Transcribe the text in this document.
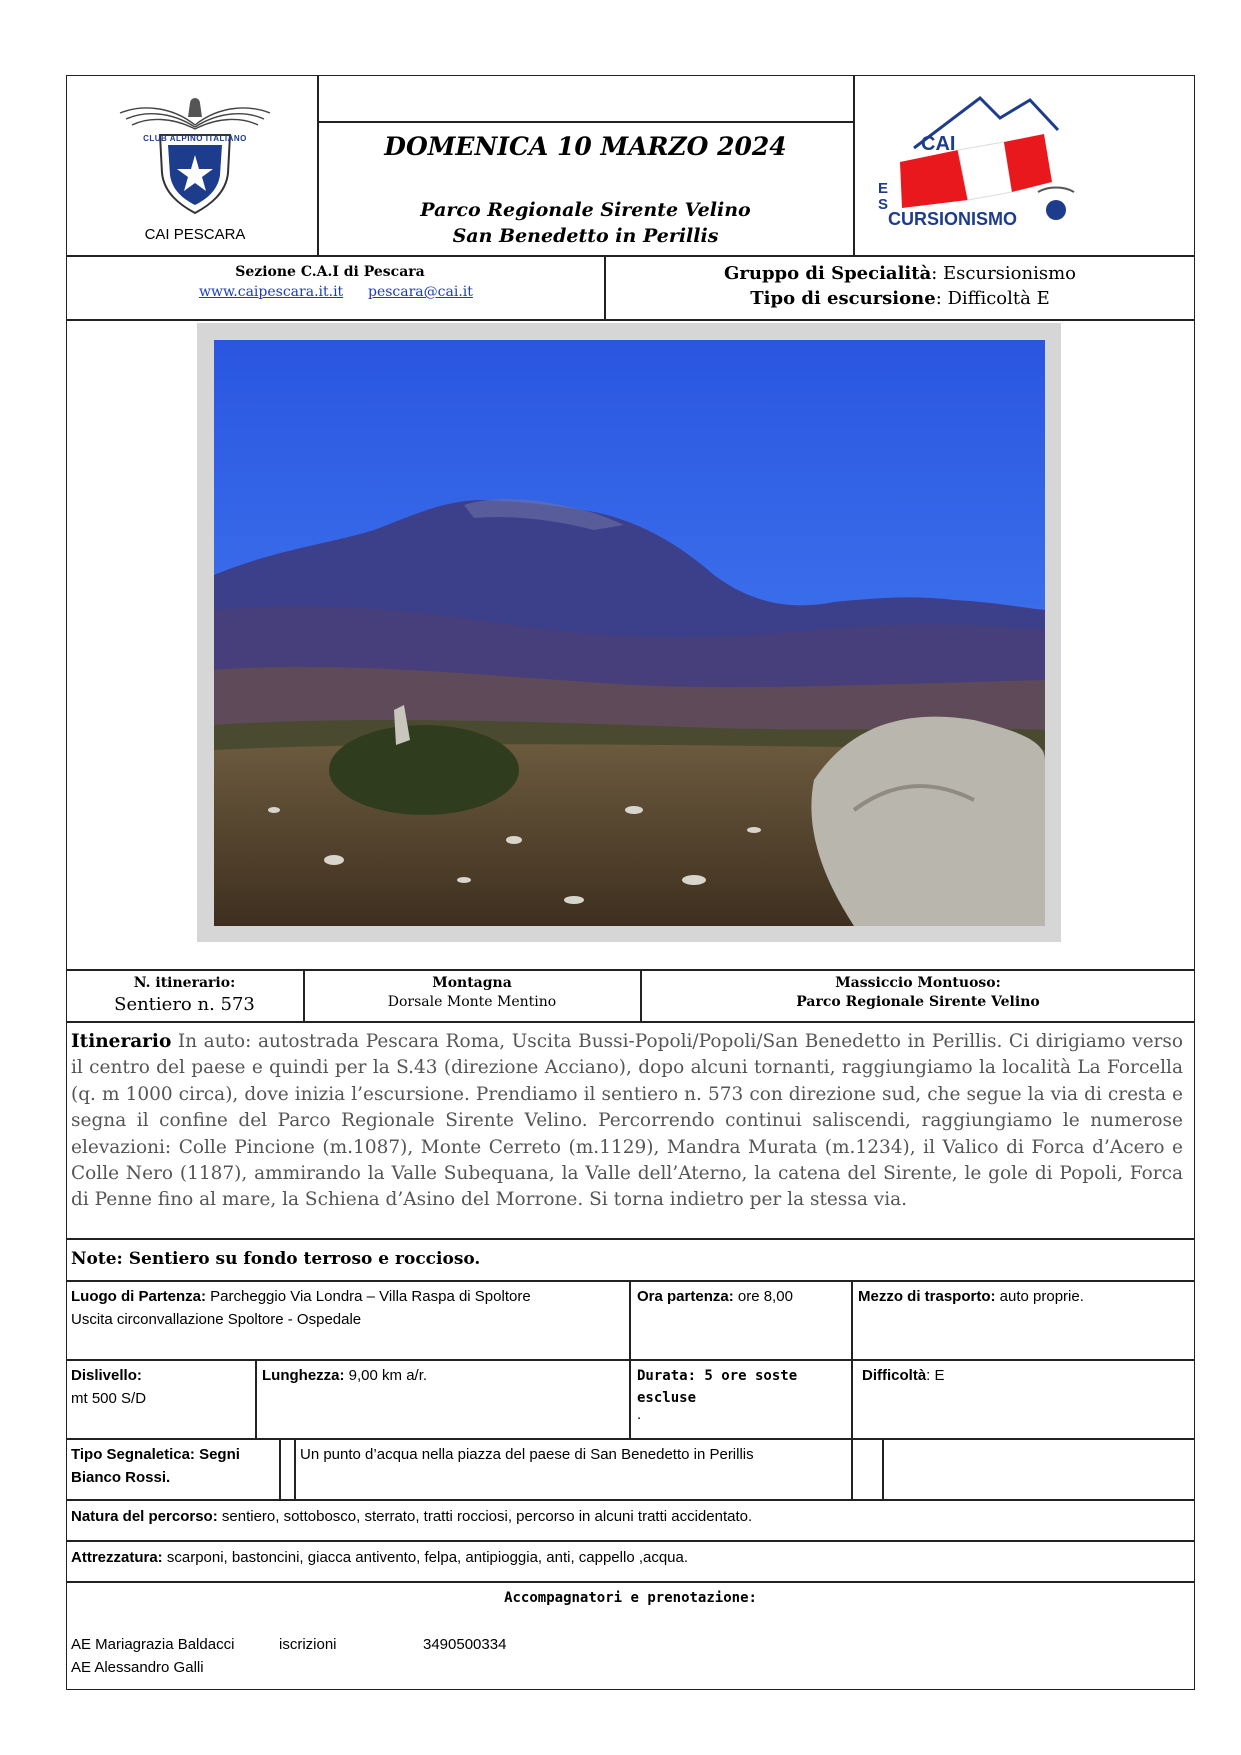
CLUB ALPINO ITALIANO
CAI PESCARA
DOMENICA 10 MARZO 2024
Parco Regionale Sirente Velino
San Benedetto in Perillis
CAI
E
S
CURSIONISMO
Sezione C.A.I di Pescara
www.caipescara.it.it pescara@cai.it
Gruppo di Specialità: Escursionismo
Tipo di escursione: Difficoltà E
N. itinerario:
Sentiero n. 573
Montagna
Dorsale Monte Mentino
Massiccio Montuoso:
Parco Regionale Sirente Velino
Itinerario In auto: autostrada Pescara Roma, Uscita Bussi-Popoli/Popoli/San Benedetto in Perillis. Ci dirigiamo verso il centro del paese e quindi per la S.43 (direzione Acciano), dopo alcuni tornanti, raggiungiamo la località La Forcella (q. m 1000 circa), dove inizia l’escursione. Prendiamo il sentiero n. 573 con direzione sud, che segue la via di cresta e segna il confine del Parco Regionale Sirente Velino. Percorrendo continui saliscendi, raggiungiamo le numerose elevazioni: Colle Pincione (m.1087), Monte Cerreto (m.1129), Mandra Murata (m.1234), il Valico di Forca d’Acero e Colle Nero (1187), ammirando la Valle Subequana, la Valle dell’Aterno, la catena del Sirente, le gole di Popoli, Forca di Penne fino al mare, la Schiena d’Asino del Morrone. Si torna indietro per la stessa via.
Note: Sentiero su fondo terroso e roccioso.
Luogo di Partenza: Parcheggio Via Londra – Villa Raspa di Spoltore
Uscita circonvallazione Spoltore - Ospedale
Ora partenza: ore 8,00	Mezzo di trasporto: auto proprie.
Dislivello:
mt 500 S/D
Lunghezza: 9,00 km a/r.	Durata: 5 ore soste
escluse
.
Difficoltà: E
Tipo Segnaletica: Segni
Bianco Rossi.
Un punto d’acqua nella piazza del paese di San Benedetto in Perillis
Natura del percorso: sentiero, sottobosco, sterrato, tratti rocciosi, percorso in alcuni tratti accidentato.
Attrezzatura: scarponi, bastoncini, giacca antivento, felpa, antipioggia, anti, cappello ,acqua.
Accompagnatori e prenotazione:
AE Mariagrazia Baldacci	iscrizioni	3490500334
AE Alessandro Galli
